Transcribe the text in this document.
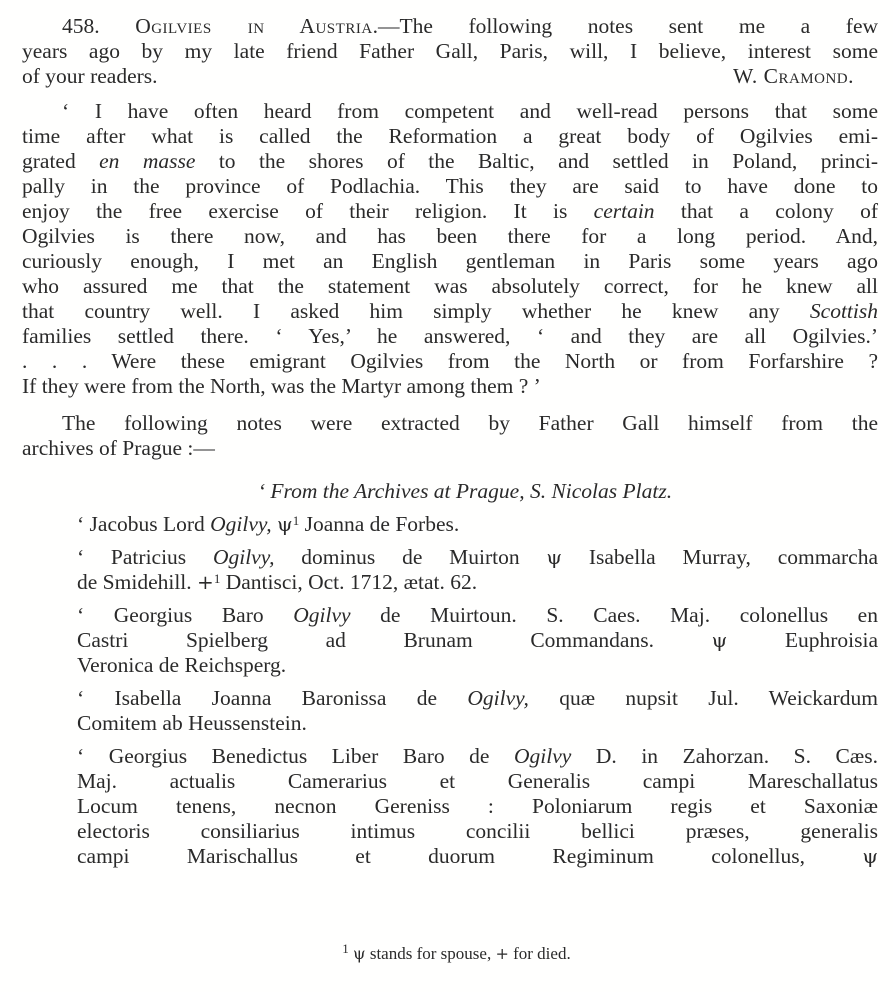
458. Ogilvies in Austria.—The following notes sent me a few

years ago by my late friend Father Gall, Paris, will, I believe, interest some

of your readers.	W. Cramond.

‘ I have often heard from competent and well-read persons that some

time after what is called the Reformation a great body of Ogilvies emi-

grated en masse to the shores of the Baltic, and settled in Poland, princi-

pally in the province of Podlachia. This they are said to have done to

enjoy the free exercise of their religion. It is certain that a colony of

Ogilvies is there now, and has been there for a long period. And,

curiously enough, I met an English gentleman in Paris some years ago

who assured me that the statement was absolutely correct, for he knew all

that country well. I asked him simply whether he knew any Scottish

families settled there. ‘ Yes,’ he answered, ‘ and they are all Ogilvies.’

. . . Were these emigrant Ogilvies from the North or from Forfarshire ?

If they were from the North, was the Martyr among them ? ’

The following notes were extracted by Father Gall himself from the

archives of Prague :—

‘ From the Archives at Prague, S. Nicolas Platz.

‘ Jacobus Lord Ogilvy, $\psi^1$ Joanna de Forbes.
‘ Patricius Ogilvy, dominus de Muirton ψ Isabella Murray, commarcha
de Smidehill. +$^1$ Dantisci, Oct. 1712, ætat. 62.
‘ Georgius Baro Ogilvy de Muirtoun. S. Caes. Maj. colonellus en
Castri Spielberg ad Brunam Commandans. ψ Euphroisia
Veronica de Reichsperg.
‘ Isabella Joanna Baronissa de Ogilvy, quæ nupsit Jul. Weickardum
Comitem ab Heussenstein.
‘ Georgius Benedictus Liber Baro de Ogilvy D. in Zahorzan. S. Cæs.
Maj. actualis Camerarius et Generalis campi Mareschallatus
Locum tenens, necnon Gereniss : Poloniarum regis et Saxoniæ
electoris consiliarius intimus concilii bellici præses, generalis
campi Marischallus et duorum Regiminum colonellus,	ψ
$^1$ ψ stands for spouse, + for died.
